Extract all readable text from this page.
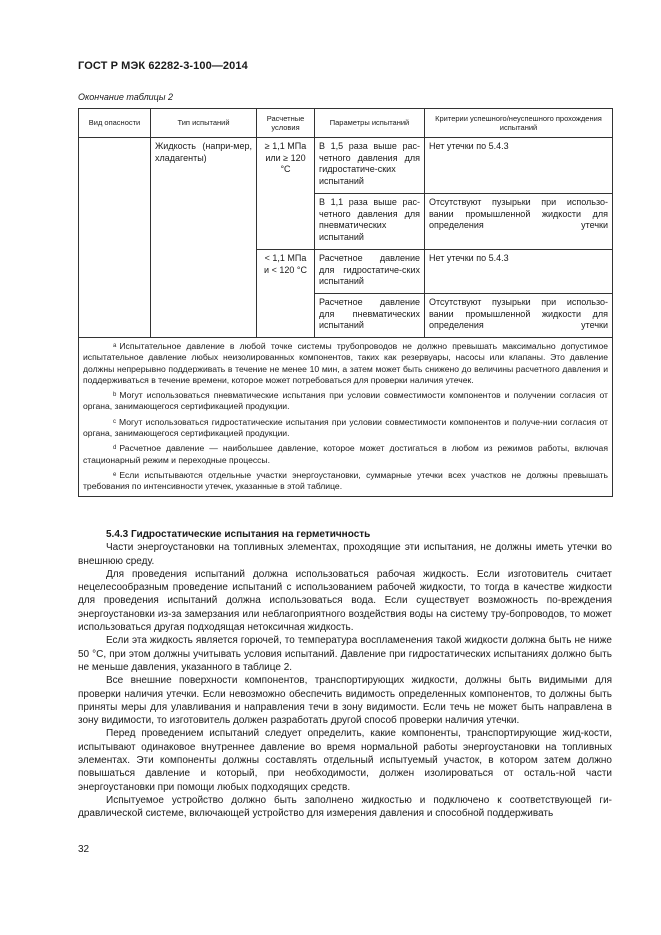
ГОСТ Р МЭК 62282-3-100—2014
Окончание таблицы 2
Вид опасности	Тип испытаний	Расчетные условия	Параметры испытаний	Критерии успешного/неуспешного прохождения испытаний
	Жидкость (напри-мер, хладагенты)	≥ 1,1 МПа или ≥ 120 °С	В 1,5 раза выше рас-четного давления для гидростатиче-ских испытаний	Нет утечки по 5.4.3
			В 1,1 раза выше рас-четного давления для пневматических испытаний	Отсутствуют пузырьки при использо-вании промышленной жидкости для определения утечки
		< 1,1 МПа и < 120 °С	Расчетное давление для гидростатиче-ских испытаний	Нет утечки по 5.4.3
			Расчетное давление для пневматических испытаний	Отсутствуют пузырьки при использо-вании промышленной жидкости для определения утечки

$^a$ Испытательное давление в любой точке системы трубопроводов не должно превышать максимально допустимое испытательное давление любых неизолированных компонентов, таких как резервуары, насосы или клапаны. Это давление должны непрерывно поддерживать в течение не менее 10 мин, а затем может быть снижено до величины расчетного давления и поддерживаться в течение времени, которое может потребоваться для проверки наличия утечек.

$^b$ Могут использоваться пневматические испытания при условии совместимости компонентов и получении согласия от органа, занимающегося сертификацией продукции.

$^c$ Могут использоваться гидростатические испытания при условии совместимости компонентов и получе-нии согласия от органа, занимающегося сертификацией продукции.

$^d$ Расчетное давление — наибольшее давление, которое может достигаться в любом из режимов работы, включая стационарный режим и переходные процессы.

$^e$ Если испытываются отдельные участки энергоустановки, суммарные утечки всех участков не должны превышать требования по интенсивности утечек, указанные в этой таблице.				

5.4.3 Гидростатические испытания на герметичность

Части энергоустановки на топливных элементах, проходящие эти испытания, не должны иметь утечки во внешнюю среду.

Для проведения испытаний должна использоваться рабочая жидкость. Если изготовитель считает нецелесообразным проведение испытаний с использованием рабочей жидкости, то тогда в качестве жидкости для проведения испытаний должна использоваться вода. Если существует возможность по-вреждения энергоустановки из-за замерзания или неблагоприятного воздействия воды на систему тру-бопроводов, то может использоваться другая подходящая нетоксичная жидкость.

Если эта жидкость является горючей, то температура воспламенения такой жидкости должна быть не ниже 50 °С, при этом должны учитывать условия испытаний. Давление при гидростатических испытаниях должно быть не меньше давления, указанного в таблице 2.

Все внешние поверхности компонентов, транспортирующих жидкости, должны быть видимыми для проверки наличия утечки. Если невозможно обеспечить видимость определенных компонентов, то должны быть приняты меры для улавливания и направления течи в зону видимости. Если течь не может быть направлена в зону видимости, то изготовитель должен разработать другой способ проверки наличия утечки.

Перед проведением испытаний следует определить, какие компоненты, транспортирующие жид-кости, испытывают одинаковое внутреннее давление во время нормальной работы энергоустановки на топливных элементах. Эти компоненты должны составлять отдельный испытуемый участок, в котором затем должно повышаться давление и который, при необходимости, должен изолироваться от осталь-ной части энергоустановки при помощи любых подходящих средств.

Испытуемое устройство должно быть заполнено жидкостью и подключено к соответствующей ги-дравлической системе, включающей устройство для измерения давления и способной поддерживать

32
